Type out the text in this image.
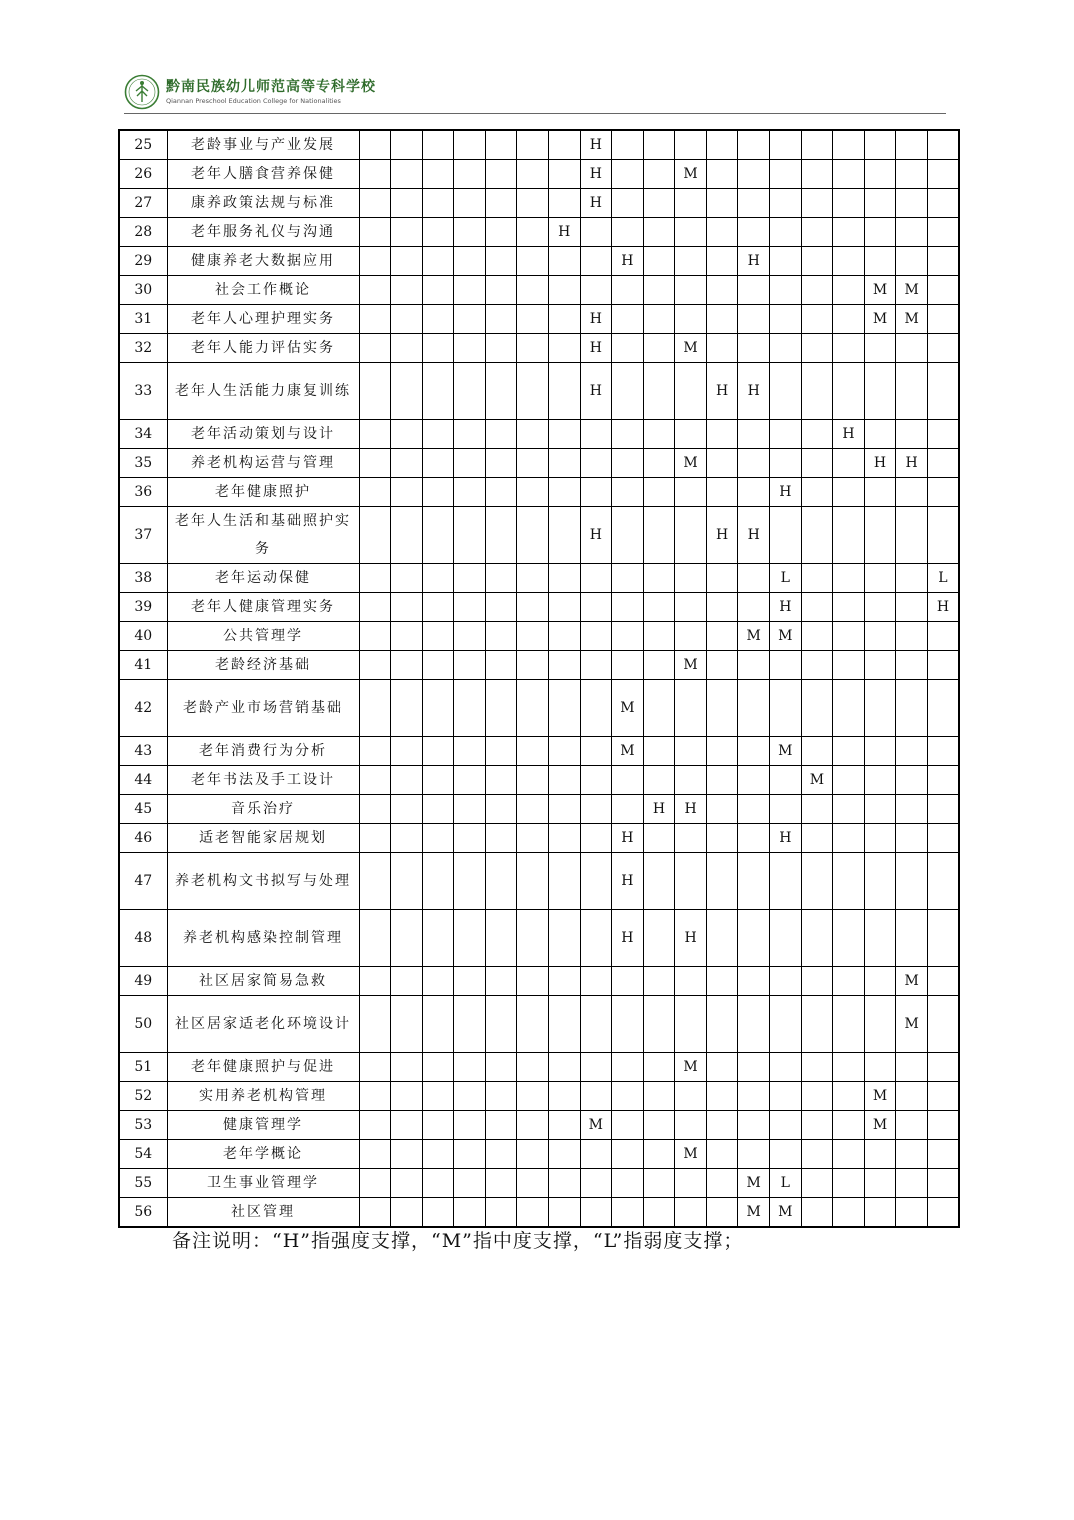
黔南民族幼儿师范高等专科学校
Qiannan Preschool Education College for Nationalities
25	老龄事业与产业发展								H											
26	老年人膳食营养保健								H			M								
27	康养政策法规与标准								H											
28	老年服务礼仪与沟通							H												
29	健康养老大数据应用									H				H						
30	社会工作概论																	M	M	
31	老年人心理护理实务								H									M	M	
32	老年人能力评估实务								H			M								
33	老年人生活能力康复训练								H				H	H						
34	老年活动策划与设计																H			
35	养老机构运营与管理											M						H	H	
36	老年健康照护														H					
37	老年人生活和基础照护实务								H				H	H						
38	老年运动保健														L					L
39	老年人健康管理实务														H					H
40	公共管理学													M	M					
41	老龄经济基础											M								
42	老龄产业市场营销基础									M										
43	老年消费行为分析									M					M					
44	老年书法及手工设计															M				
45	音乐治疗										H	H								
46	适老智能家居规划									H					H					
47	养老机构文书拟写与处理									H										
48	养老机构感染控制管理									H		H								
49	社区居家简易急救																		M	
50	社区居家适老化环境设计																		M	
51	老年健康照护与促进											M								
52	实用养老机构管理																	M		
53	健康管理学								M									M		
54	老年学概论											M								
55	卫生事业管理学													M	L					
56	社区管理													M	M					
备注说明：“H”指强度支撑，“M”指中度支撑，“L”指弱度支撑；
